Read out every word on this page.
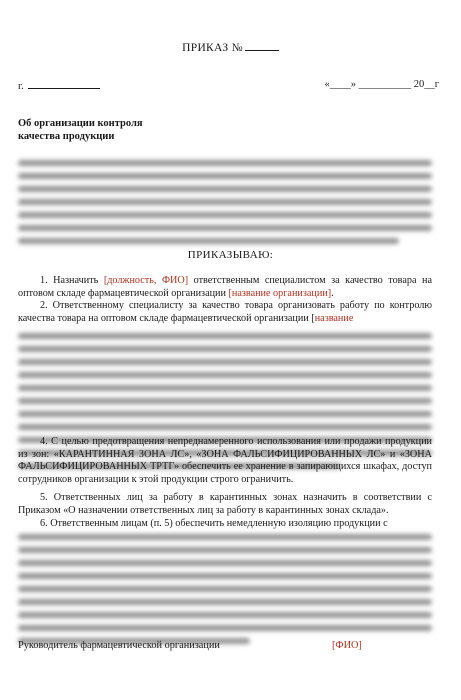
ПРИКАЗ №
г.	«____» __________ 20__г
Об организации контроля
качества продукции
ПРИКАЗЫВАЮ:
1. Назначить [должность, ФИО] ответственным специалистом за качество товара на оптовом складе фармацевтической организации [название организации].
2. Ответственному специалисту за качество товара организовать работу по контролю качества товара на оптовом складе фармацевтической организации [название
4. С целью предотвращения непреднамеренного использования или продажи продукции из зон: «КАРАНТИННАЯ ЗОНА ЛС», «ЗОНА ФАЛЬСИФИЦИРОВАННЫХ ЛС» и «ЗОНА ФАЛЬСИФИЦИРОВАННЫХ ТРТГ» обеспечить ее хранение в запирающихся шкафах, доступ сотрудников организации к этой продукции строго ограничить.
5. Ответственных лиц за работу в карантинных зонах назначить в соответствии с Приказом «О назначении ответственных лиц за работу в карантинных зонах склада».
6. Ответственным лицам (п. 5) обеспечить немедленную изоляцию продукции с
Руководитель фармацевтической организации	[ФИО]
